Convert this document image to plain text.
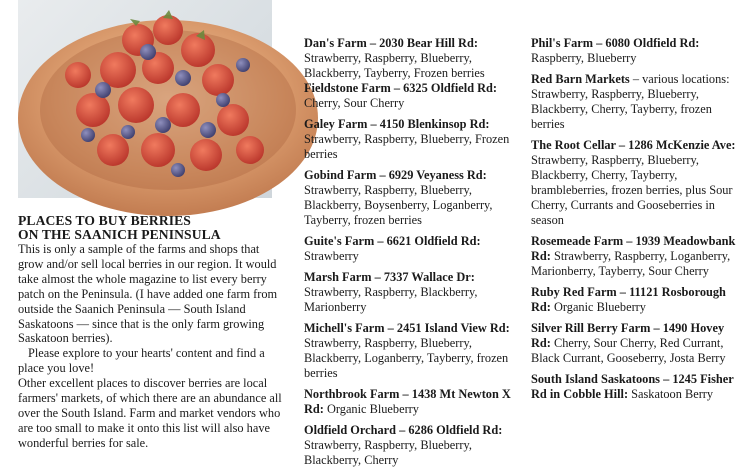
PLACES TO BUY BERRIES
ON THE SAANICH PENINSULA

This is only a sample of the farms and shops that grow and/or sell local berries in our region. It would take almost the whole magazine to list every berry patch on the Peninsula. (I have added one farm from outside the Saanich Peninsula — South Island Saskatoons — since that is the only farm growing Saskatoon berries).

Please explore to your hearts' content and find a place you love!

Other excellent places to discover berries are local farmers' markets, of which there are an abundance all over the South Island. Farm and market vendors who are too small to make it onto this list will also have wonderful berries for sale.

Dan's Farm – 2030 Bear Hill Rd: Strawberry, Raspberry, Blueberry, Blackberry, Tayberry, Frozen berries
Fieldstone Farm – 6325 Oldfield Rd: Cherry, Sour Cherry
Galey Farm – 4150 Blenkinsop Rd: Strawberry, Raspberry, Blueberry, Frozen berries
Gobind Farm – 6929 Veyaness Rd: Strawberry, Raspberry, Blueberry, Blackberry, Boysenberry, Loganberry, Tayberry, frozen berries
Guite's Farm – 6621 Oldfield Rd: Strawberry
Marsh Farm – 7337 Wallace Dr: Strawberry, Raspberry, Blackberry, Marionberry
Michell's Farm – 2451 Island View Rd: Strawberry, Raspberry, Blueberry, Blackberry, Loganberry, Tayberry, frozen berries
Northbrook Farm – 1438 Mt Newton X Rd: Organic Blueberry
Oldfield Orchard – 6286 Oldfield Rd: Strawberry, Raspberry, Blueberry, Blackberry, Cherry
Phil's Farm – 6080 Oldfield Rd: Raspberry, Blueberry
Red Barn Markets – various locations: Strawberry, Raspberry, Blueberry, Blackberry, Cherry, Tayberry, frozen berries
The Root Cellar – 1286 McKenzie Ave: Strawberry, Raspberry, Blueberry, Blackberry, Cherry, Tayberry, brambleberries, frozen berries, plus Sour Cherry, Currants and Gooseberries in season
Rosemeade Farm – 1939 Meadowbank Rd: Strawberry, Raspberry, Loganberry, Marionberry, Tayberry, Sour Cherry
Ruby Red Farm – 11121 Rosborough Rd: Organic Blueberry
Silver Rill Berry Farm – 1490 Hovey Rd: Cherry, Sour Cherry, Red Currant, Black Currant, Gooseberry, Josta Berry
South Island Saskatoons – 1245 Fisher Rd in Cobble Hill: Saskatoon Berry
